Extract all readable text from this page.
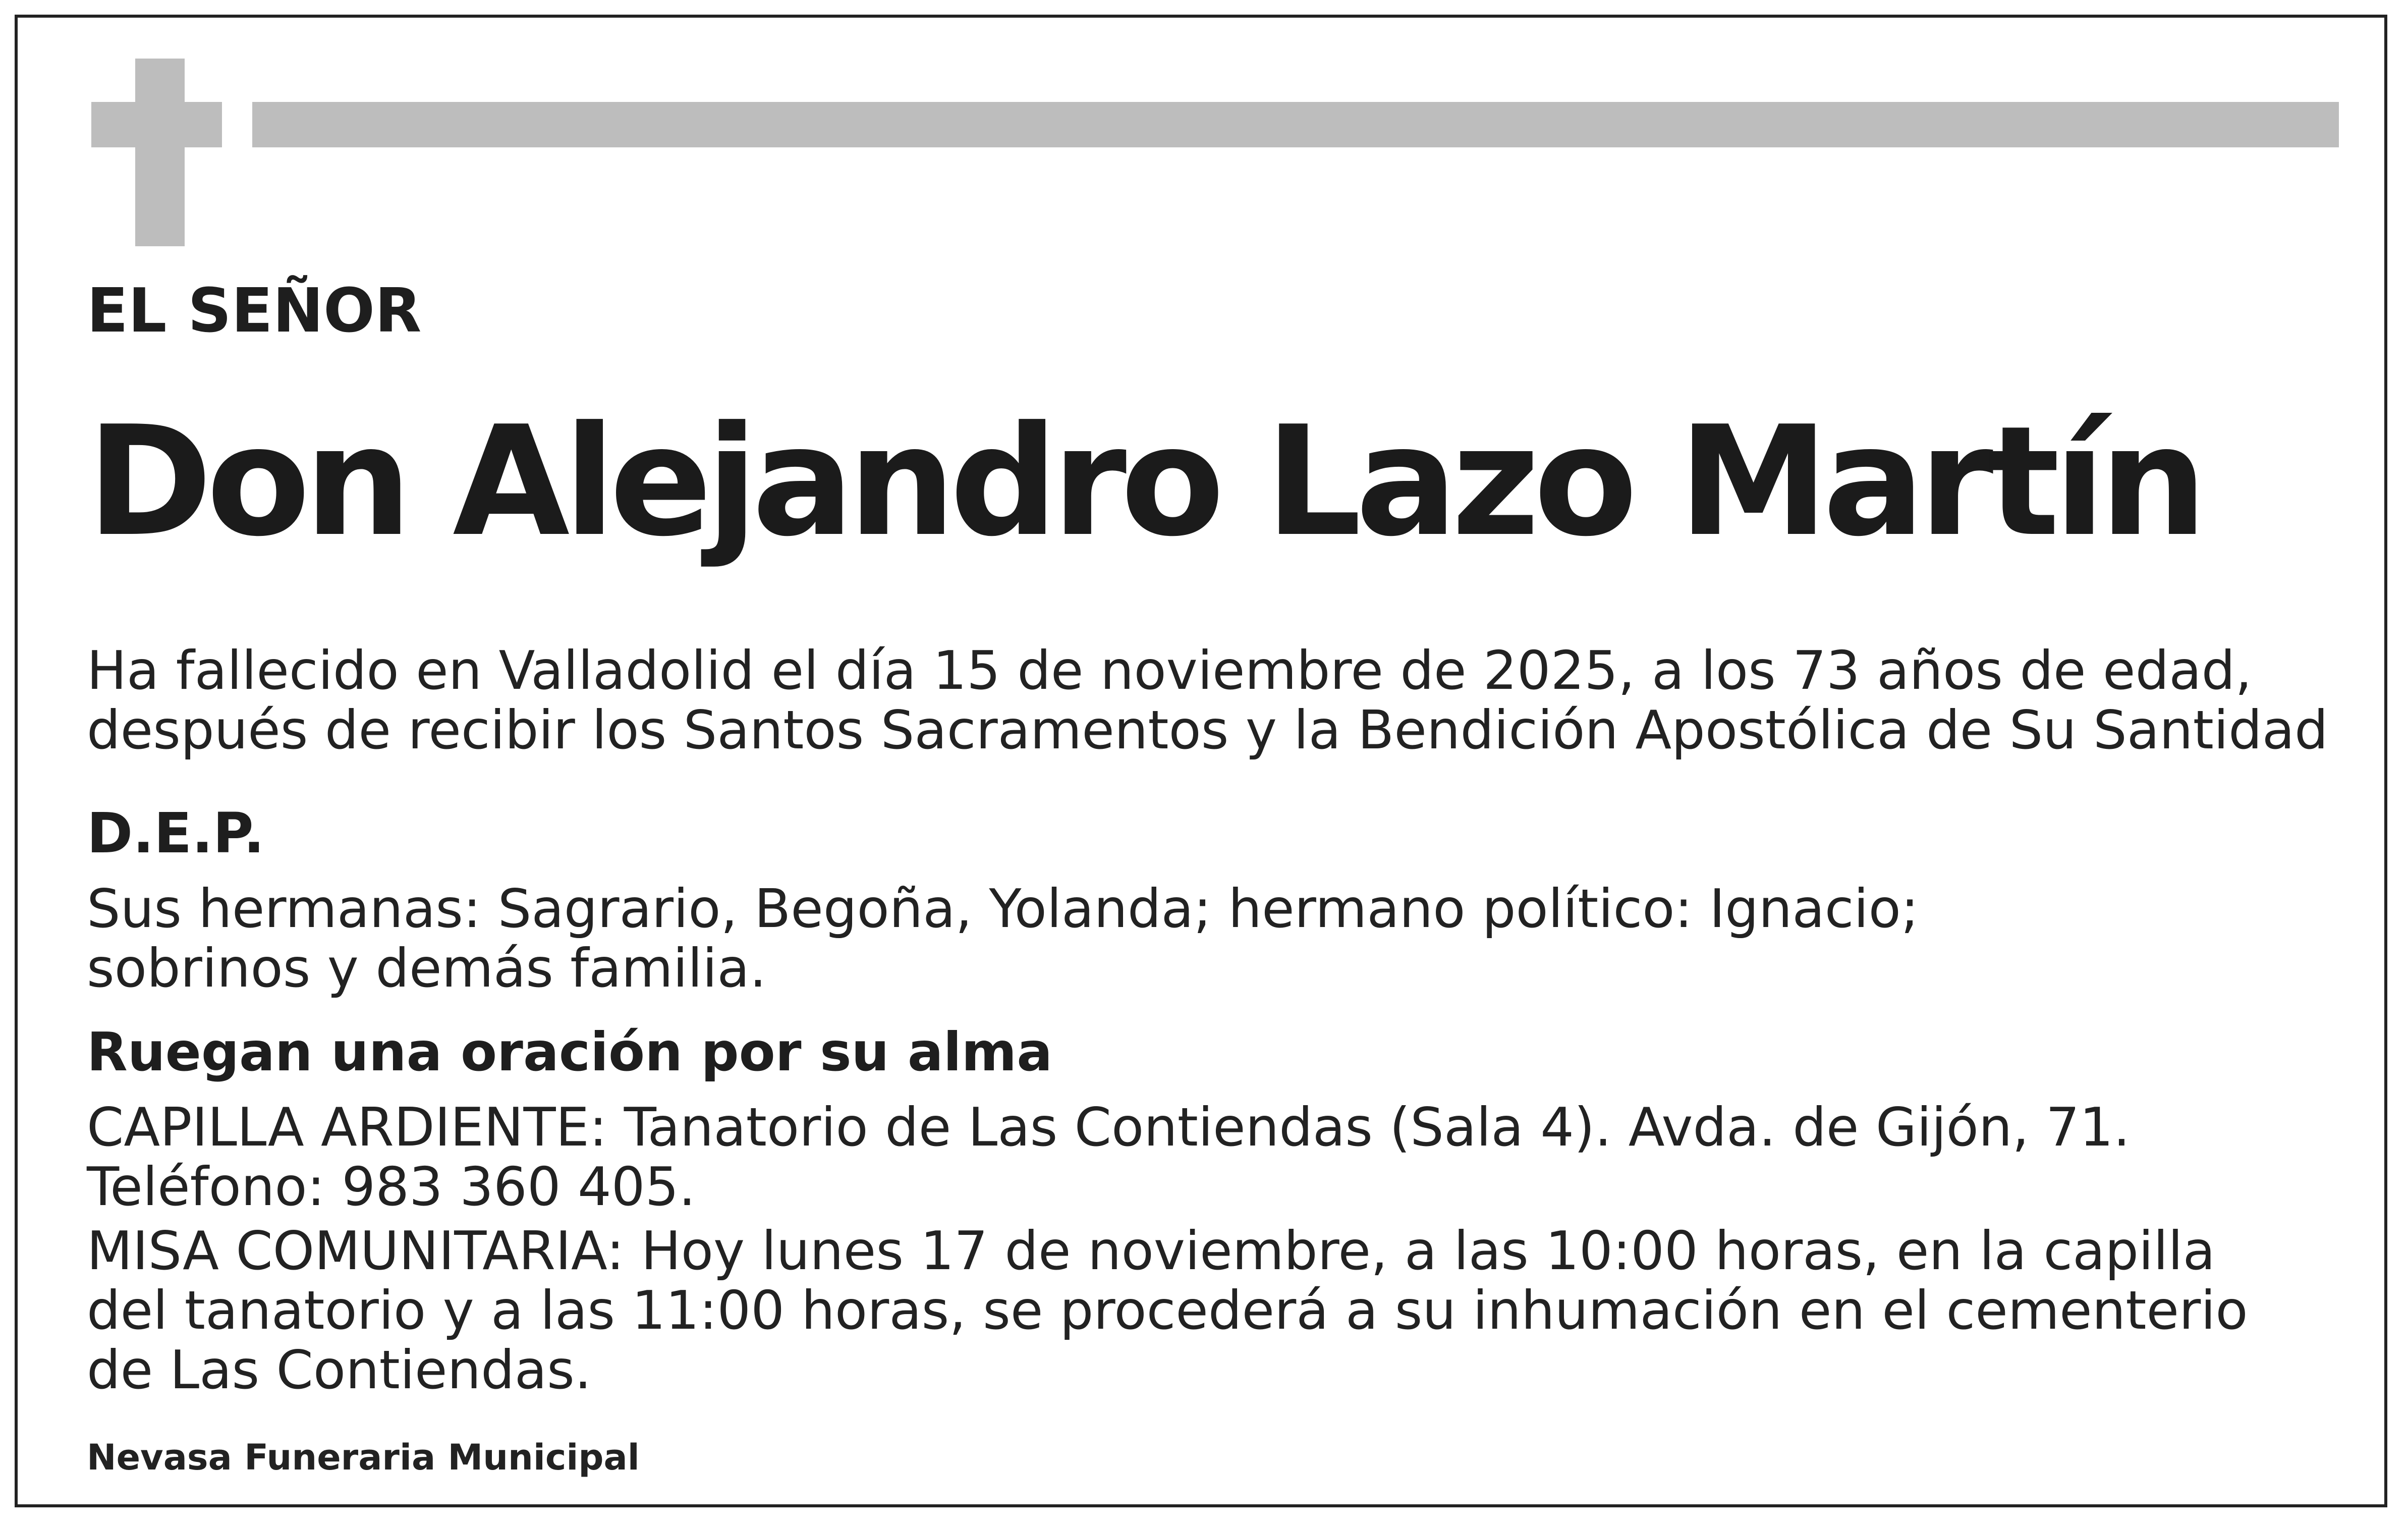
EL SEÑOR

Don Alejandro Lazo Martín

Ha fallecido en Valladolid el día 15 de noviembre de 2025, a los 73 años de edad,
después de recibir los Santos Sacramentos y la Bendición Apostólica de Su Santidad

D.E.P.

Sus hermanas: Sagrario, Begoña, Yolanda; hermano político: Ignacio;
sobrinos y demás familia.

Ruegan una oración por su alma

CAPILLA ARDIENTE: Tanatorio de Las Contiendas (Sala 4). Avda. de Gijón, 71.
Teléfono: 983 360 405.
MISA COMUNITARIA: Hoy lunes 17 de noviembre, a las 10:00 horas, en la capilla
del tanatorio y a las 11:00 horas, se procederá a su inhumación en el cementerio
de Las Contiendas.

Nevasa Funeraria Municipal
